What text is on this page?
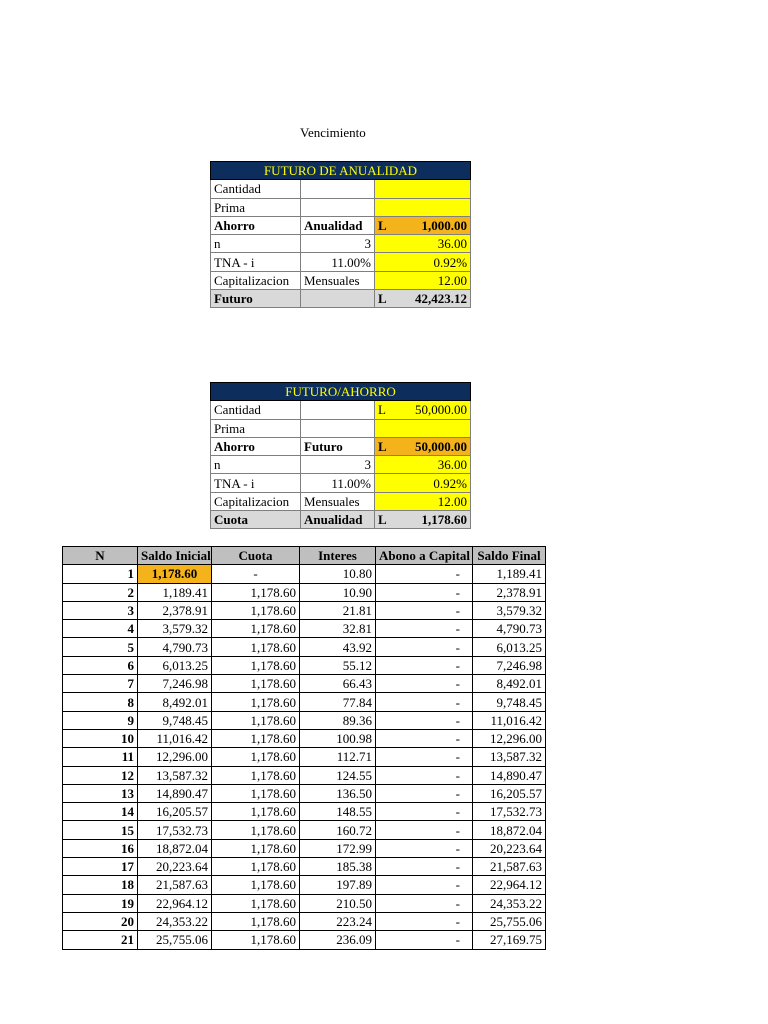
Vencimiento
FUTURO DE ANUALIDAD		
Cantidad		
Prima		
Ahorro	Anualidad	L 1,000.00

n	3	36.00
TNA - i	11.00%	0.92%
Capitalizacion	Mensuales	12.00
Futuro		L 42,423.12
FUTURO/AHORRO		
Cantidad		L 50,000.00

Prima		
Ahorro	Futuro	L 50,000.00

n	3	36.00
TNA - i	11.00%	0.92%
Capitalizacion	Mensuales	12.00
Cuota	Anualidad	L 1,178.60
N	Saldo Inicial	Cuota	Interes	Abono a Capital	Saldo Final
1	1,178.60	-	10.80	-	1,189.41
2	1,189.41	1,178.60	10.90	-	2,378.91
3	2,378.91	1,178.60	21.81	-	3,579.32
4	3,579.32	1,178.60	32.81	-	4,790.73
5	4,790.73	1,178.60	43.92	-	6,013.25
6	6,013.25	1,178.60	55.12	-	7,246.98
7	7,246.98	1,178.60	66.43	-	8,492.01
8	8,492.01	1,178.60	77.84	-	9,748.45
9	9,748.45	1,178.60	89.36	-	11,016.42
10	11,016.42	1,178.60	100.98	-	12,296.00
11	12,296.00	1,178.60	112.71	-	13,587.32
12	13,587.32	1,178.60	124.55	-	14,890.47
13	14,890.47	1,178.60	136.50	-	16,205.57
14	16,205.57	1,178.60	148.55	-	17,532.73
15	17,532.73	1,178.60	160.72	-	18,872.04
16	18,872.04	1,178.60	172.99	-	20,223.64
17	20,223.64	1,178.60	185.38	-	21,587.63
18	21,587.63	1,178.60	197.89	-	22,964.12
19	22,964.12	1,178.60	210.50	-	24,353.22
20	24,353.22	1,178.60	223.24	-	25,755.06
21	25,755.06	1,178.60	236.09	-	27,169.75
